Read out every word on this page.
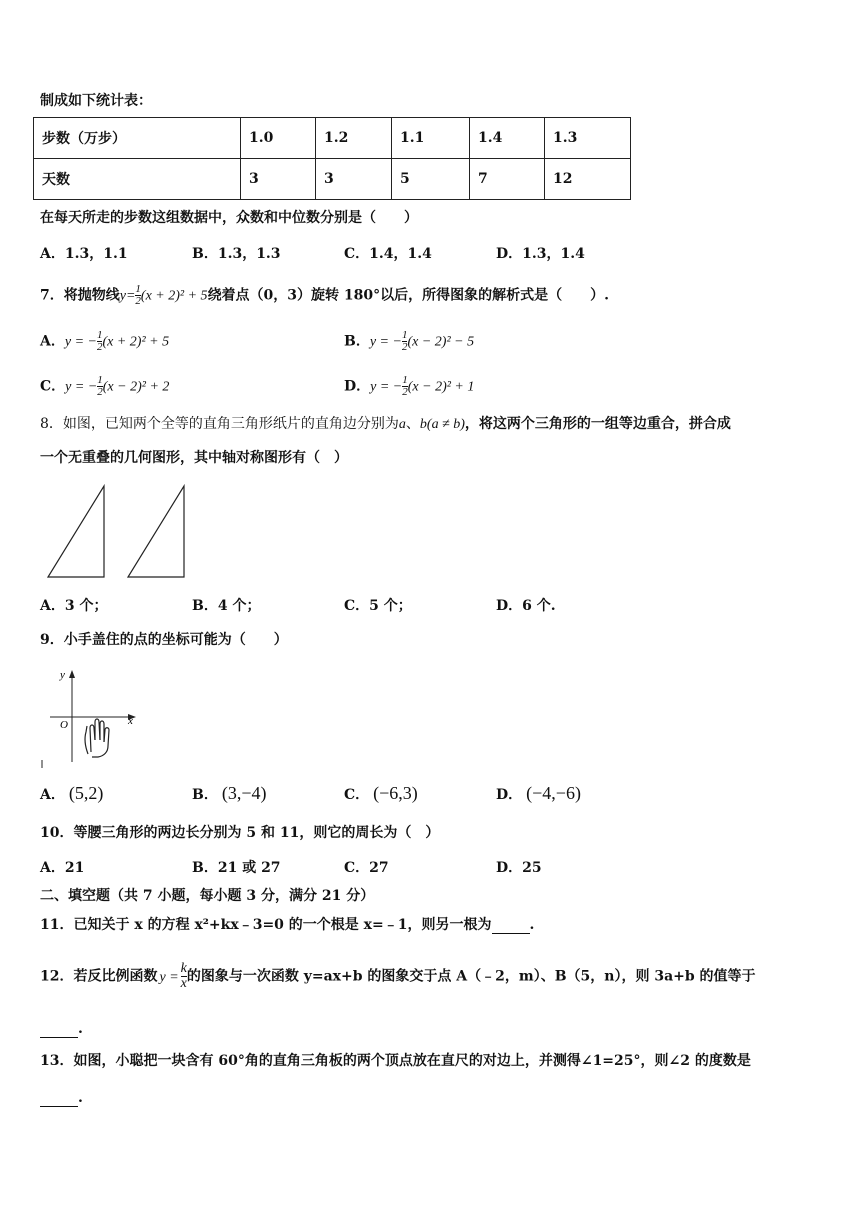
制成如下统计表：
步数（万步）	1.0	1.2	1.1	1.4	1.3
天数	3	3	5	7	12
在每天所走的步数这组数据中，众数和中位数分别是（　　）
A．1.3，1.1	B．1.3，1.3	C．1.4，1.4	D．1.3，1.4
7．将抛物线$y= \frac{1}{2} (x + 2)^2 + 5$绕着点（0，3）旋转 180°以后，所得图象的解析式是（　　）.
A．y = − $\frac{1}{2} (x + 2)^2 + 5$	B．y = − $\frac{1}{2} (x - 2)^2 - 5$
C．y = − $\frac{1}{2} (x - 2)^2 + 2$	D．y = − $\frac{1}{2} (x - 2)^2 + 1$
8．如图，已知两个全等的直角三角形纸片的直角边分别为a、b(a ≠ b)，将这两个三角形的一组等边重合，拼合成
一个无重叠的几何图形，其中轴对称图形有（　）
A．3 个；	B．4 个；	C．5 个；	D．6 个.
9．小手盖住的点的坐标可能为（　　）
y
x
O
A． (5,2)	B． (3,−4)	C． (−6,3)	D． (−4,−6)
10．等腰三角形的两边长分别为 5 和 11，则它的周长为（　）
A．21	B．21 或 27	C．27	D．25
二、填空题（共 7 小题，每小题 3 分，满分 21 分）
11．已知关于 x 的方程 x²+kx﹣3=0 的一个根是 x=﹣1，则另一根为	.
12．若反比例函数 $y = \frac{k}{x}$ 的图象与一次函数 y=ax+b 的图象交于点 A（﹣2，m）、B（5，n），则 3a+b 的值等于
.
13．如图，小聪把一块含有 60°角的直角三角板的两个顶点放在直尺的对边上，并测得∠1=25°，则∠2 的度数是
.
